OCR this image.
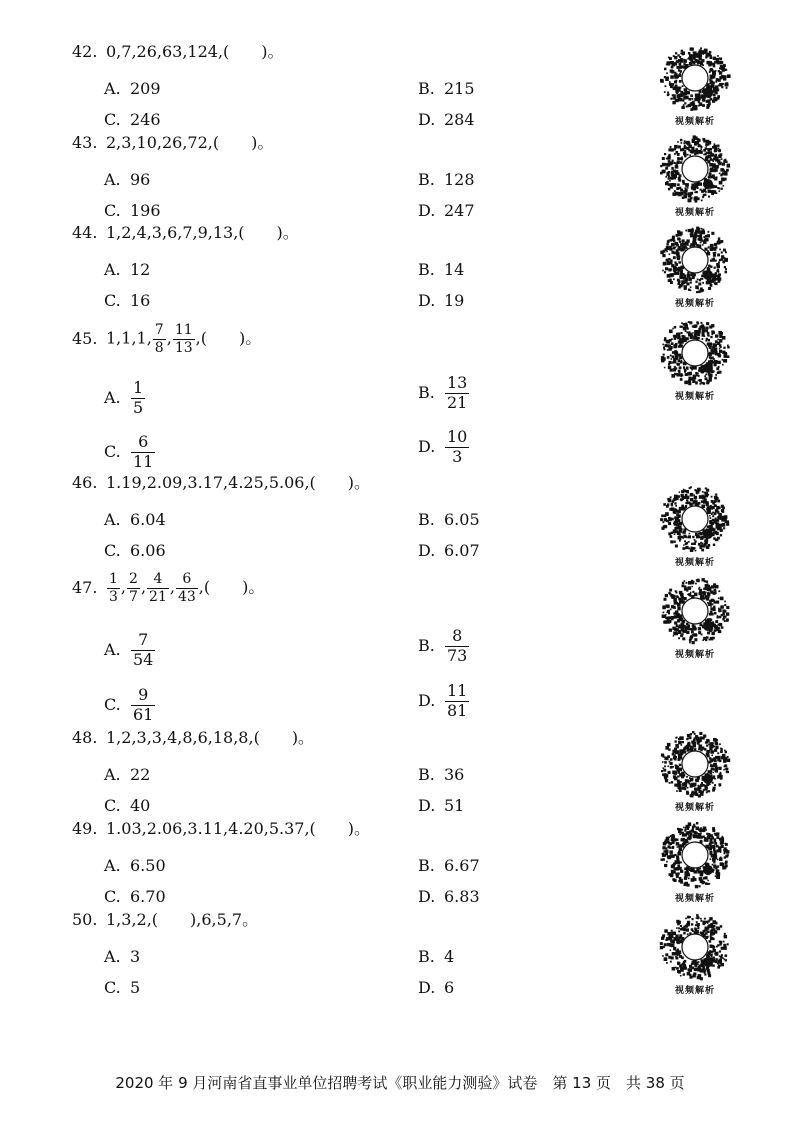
42. 0,7,26,63,124,(　　)。
A. 209	B. 215
C. 246	D. 284	视频解析
43. 2,3,10,26,72,(　　)。
A. 96	B. 128
C. 196	D. 247	视频解析
44. 1,2,4,3,6,7,9,13,(　　)。
A. 12	B. 14
C. 16	D. 19	视频解析
45. 1,1,1, $\frac{7}{8}$ , $\frac{11}{13}$ ,(　　)。
A. $\frac{1}{5}$	B. $\frac{13}{21}$
C. $\frac{6}{11}$	D. $\frac{10}{3}$
视频解析
46. 1.19,2.09,3.17,4.25,5.06,(　　)。
A. 6.04	B. 6.05
C. 6.06	D. 6.07
视频解析
47. $\frac{1}{3}$ , $\frac{2}{7}$ , $\frac{4}{21}$ , $\frac{6}{43}$ ,(　　)。
A. $\frac{7}{54}$	B. $\frac{8}{73}$
C. $\frac{9}{61}$	D. $\frac{11}{81}$
视频解析
48. 1,2,3,3,4,8,6,18,8,(　　)。
A. 22	B. 36
C. 40	D. 51	视频解析
49. 1.03,2.06,3.11,4.20,5.37,(　　)。
A. 6.50	B. 6.67
C. 6.70	D. 6.83	视频解析
50. 1,3,2,(　　),6,5,7。
A. 3	B. 4
C. 5	D. 6	视频解析
2020 年 9 月河南省直事业单位招聘考试《职业能力测验》试卷　第 13 页　共 38 页
